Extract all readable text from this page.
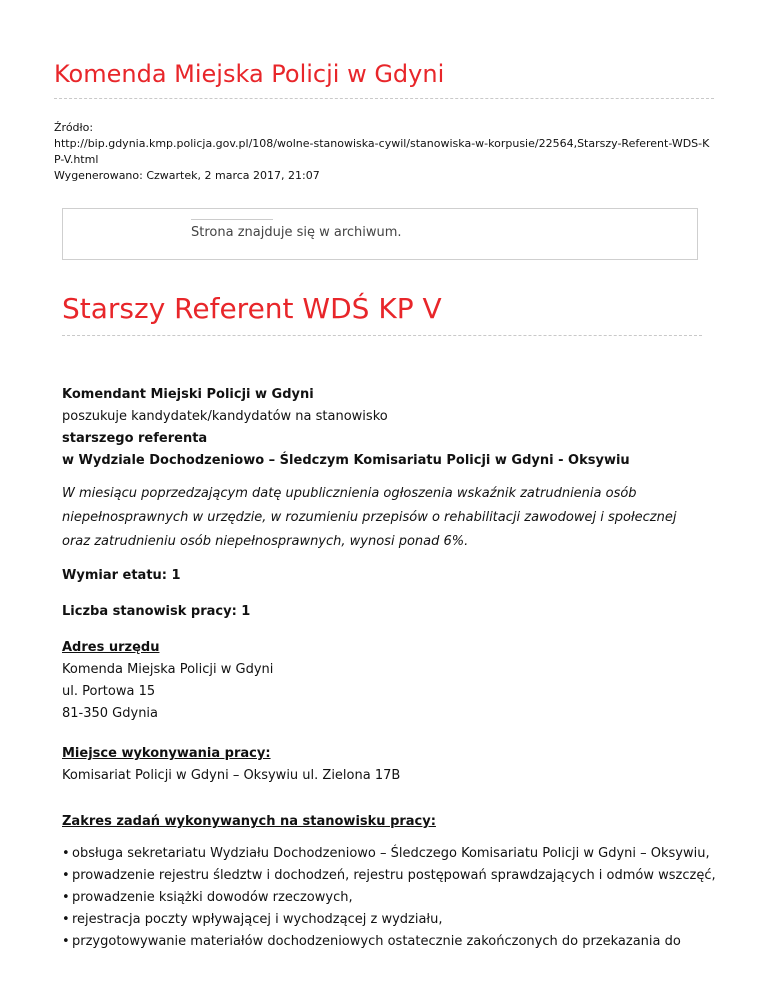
Komenda Miejska Policji w Gdyni
Źródło:
http://bip.gdynia.kmp.policja.gov.pl/108/wolne-stanowiska-cywil/stanowiska-w-korpusie/22564,Starszy-Referent-WDS-KP-V.html
Wygenerowano: Czwartek, 2 marca 2017, 21:07
Strona znajduje się w archiwum.
Starszy Referent WDŚ KP V

Komendant Miejski Policji w Gdyni

poszukuje kandydatek/kandydatów na stanowisko

starszego referenta

w Wydziale Dochodzeniowo – Śledczym Komisariatu Policji w Gdyni - Oksywiu

W miesiącu poprzedzającym datę upublicznienia ogłoszenia wskaźnik zatrudnienia osób niepełnosprawnych w urzędzie, w rozumieniu przepisów o rehabilitacji zawodowej i społecznej oraz zatrudnieniu osób niepełnosprawnych, wynosi ponad 6%.

Wymiar etatu: 1

Liczba stanowisk pracy: 1

Adres urzędu

Komenda Miejska Policji w Gdyni

ul. Portowa 15

81-350 Gdynia

Miejsce wykonywania pracy:

Komisariat Policji w Gdyni – Oksywiu ul. Zielona 17B

Zakres zadań wykonywanych na stanowisku pracy:

• obsługa sekretariatu Wydziału Dochodzeniowo – Śledczego Komisariatu Policji w Gdyni – Oksywiu,
• prowadzenie rejestru śledztw i dochodzeń, rejestru postępowań sprawdzających i odmów wszczęć,
• prowadzenie książki dowodów rzeczowych,
• rejestracja poczty wpływającej i wychodzącej z wydziału,
• przygotowywanie materiałów dochodzeniowych ostatecznie zakończonych do przekazania do
